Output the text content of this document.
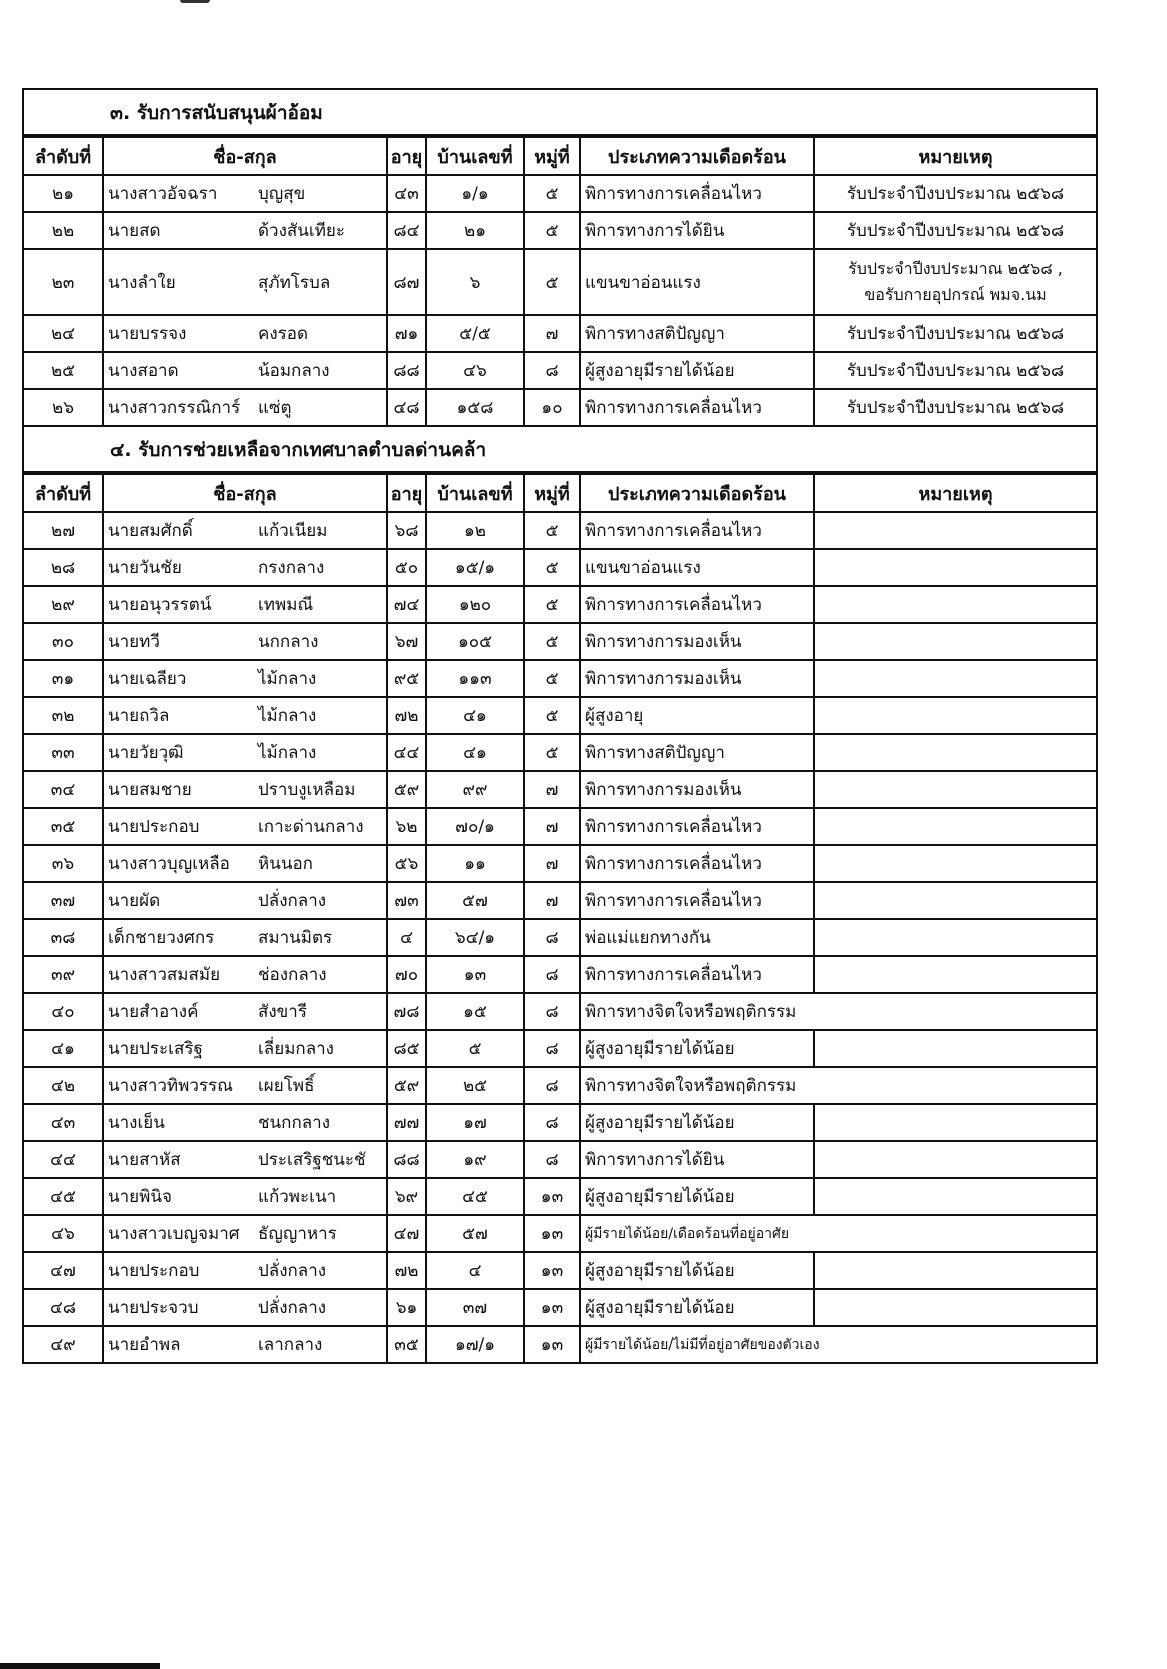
๓. รับการสนับสนุนผ้าอ้อม
ลำดับที่	ชื่อ-สกุล	อายุ	บ้านเลขที่	หมู่ที่	ประเภทความเดือดร้อน	หมายเหตุ
๒๑	นางสาวอัจฉรา บุญสุข	๔๓	๑/๑	๕	พิการทางการเคลื่อนไหว	รับประจำปีงบประมาณ ๒๕๖๘
๒๒	นายสด ด้วงสันเทียะ	๘๔	๒๑	๕	พิการทางการได้ยิน	รับประจำปีงบประมาณ ๒๕๖๘
๒๓	นางลำใย สุภัทโรบล	๘๗	๖	๕	แขนขาอ่อนแรง	รับประจำปีงบประมาณ ๒๕๖๘ ,
ขอรับกายอุปกรณ์ พมจ.นม

๒๔	นายบรรจง คงรอด	๗๑	๕/๕	๗	พิการทางสติปัญญา	รับประจำปีงบประมาณ ๒๕๖๘
๒๕	นางสอาด น้อมกลาง	๘๘	๔๖	๘	ผู้สูงอายุมีรายได้น้อย	รับประจำปีงบประมาณ ๒๕๖๘
๒๖	นางสาวกรรณิการ์ แซ่ตู	๔๘	๑๕๘	๑๐	พิการทางการเคลื่อนไหว	รับประจำปีงบประมาณ ๒๕๖๘
๔. รับการช่วยเหลือจากเทศบาลตำบลด่านคล้า
ลำดับที่	ชื่อ-สกุล	อายุ	บ้านเลขที่	หมู่ที่	ประเภทความเดือดร้อน	หมายเหตุ
๒๗	นายสมศักดิ์ แก้วเนียม	๖๘	๑๒	๕	พิการทางการเคลื่อนไหว	
๒๘	นายวันชัย กรงกลาง	๕๐	๑๕/๑	๕	แขนขาอ่อนแรง	
๒๙	นายอนุวรรตน์ เทพมณี	๗๔	๑๒๐	๕	พิการทางการเคลื่อนไหว	
๓๐	นายทวี นกกลาง	๖๗	๑๐๕	๕	พิการทางการมองเห็น	
๓๑	นายเฉลียว ไม้กลาง	๙๕	๑๑๓	๕	พิการทางการมองเห็น	
๓๒	นายถวิล ไม้กลาง	๗๒	๔๑	๕	ผู้สูงอายุ	
๓๓	นายวัยวุฒิ ไม้กลาง	๔๔	๔๑	๕	พิการทางสติปัญญา	
๓๔	นายสมชาย ปราบงูเหลือม	๕๙	๙๙	๗	พิการทางการมองเห็น	
๓๕	นายประกอบ เกาะด่านกลาง	๖๒	๗๐/๑	๗	พิการทางการเคลื่อนไหว	
๓๖	นางสาวบุญเหลือ หินนอก	๕๖	๑๑	๗	พิการทางการเคลื่อนไหว	
๓๗	นายผัด ปลั่งกลาง	๗๓	๕๗	๗	พิการทางการเคลื่อนไหว	
๓๘	เด็กชายวงศกร สมานมิตร	๔	๖๔/๑	๘	พ่อแม่แยกทางกัน	
๓๙	นางสาวสมสมัย ช่องกลาง	๗๐	๑๓	๘	พิการทางการเคลื่อนไหว	
๔๐	นายสำอางค์ สังขารี	๗๘	๑๕	๘	พิการทางจิตใจหรือพฤติกรรม	
๔๑	นายประเสริฐ เลี่ยมกลาง	๘๕	๕	๘	ผู้สูงอายุมีรายได้น้อย	
๔๒	นางสาวทิพวรรณ เผยโพธิ์	๕๙	๒๕	๘	พิการทางจิตใจหรือพฤติกรรม	
๔๓	นางเย็น ชนกกลาง	๗๗	๑๗	๘	ผู้สูงอายุมีรายได้น้อย	
๔๔	นายสาหัส ประเสริฐชนะชั	๘๘	๑๙	๘	พิการทางการได้ยิน	
๔๕	นายพินิจ แก้วพะเนา	๖๙	๔๕	๑๓	ผู้สูงอายุมีรายได้น้อย	
๔๖	นางสาวเบญจมาศ ธัญญาหาร	๔๗	๕๗	๑๓	ผู้มีรายได้น้อย/เดือดร้อนที่อยู่อาศัย	
๔๗	นายประกอบ ปลั่งกลาง	๗๒	๔	๑๓	ผู้สูงอายุมีรายได้น้อย	
๔๘	นายประจวบ ปลั่งกลาง	๖๑	๓๗	๑๓	ผู้สูงอายุมีรายได้น้อย	
๔๙	นายอำพล เลากลาง	๓๕	๑๗/๑	๑๓	ผู้มีรายได้น้อย/ไม่มีที่อยู่อาศัยของตัวเอง	
